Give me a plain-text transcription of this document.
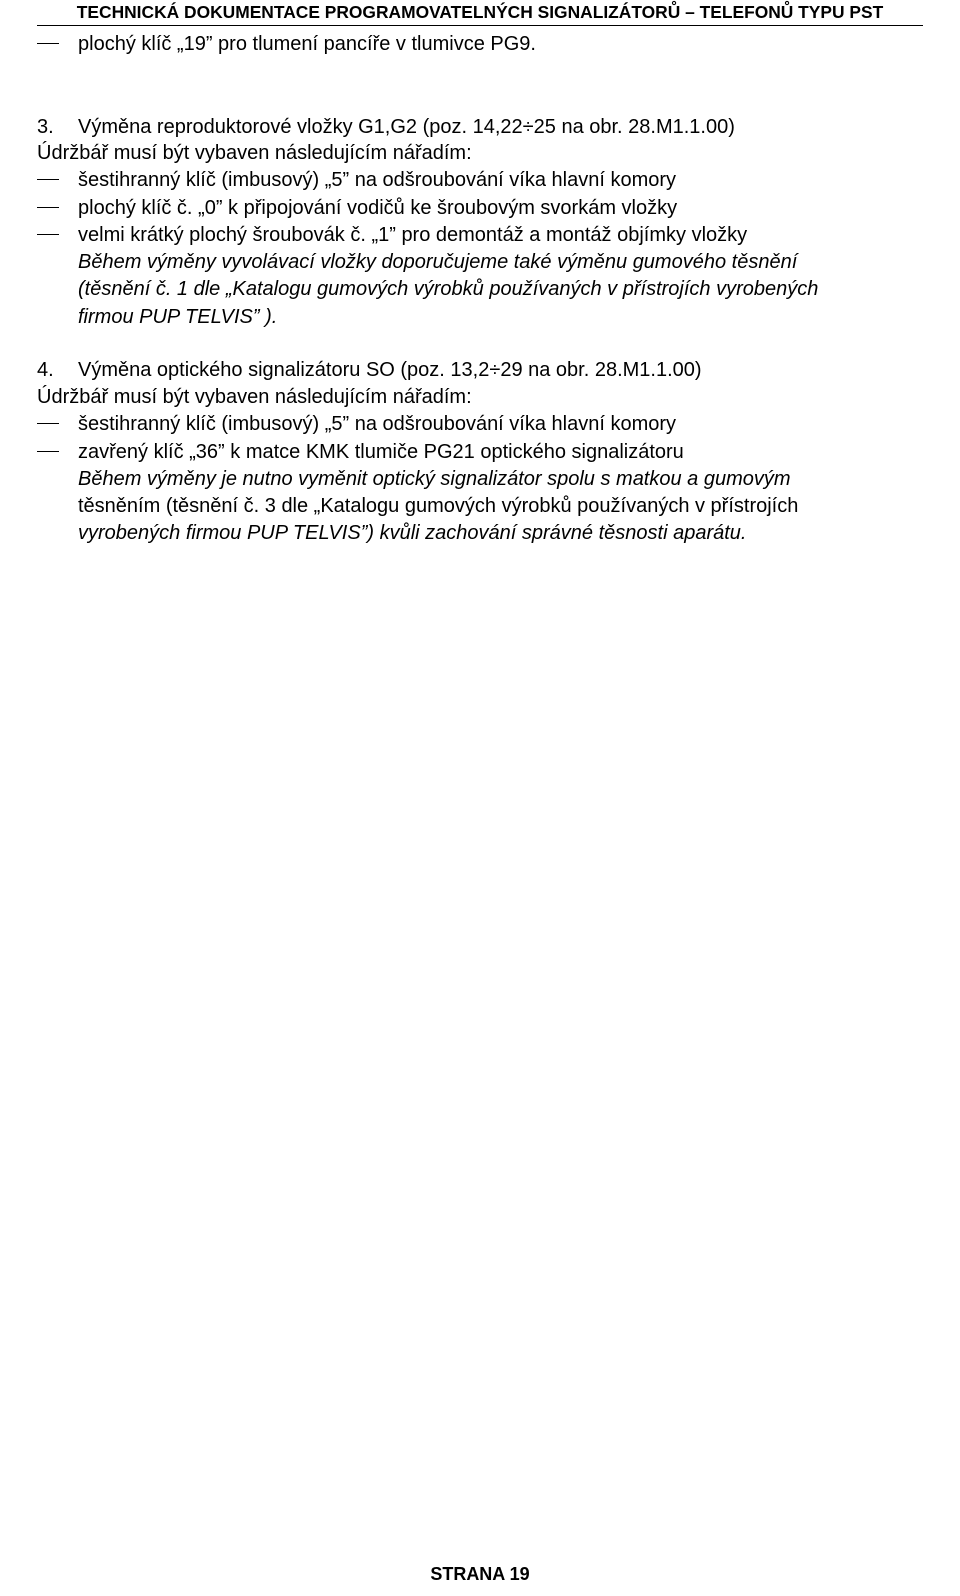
TECHNICKÁ DOKUMENTACE PROGRAMOVATELNÝCH SIGNALIZÁTORŮ – TELEFONŮ TYPU PST
plochý klíč „19” pro tlumení pancíře v tlumivce PG9.
3. Výměna reproduktorové vložky G1,G2 (poz. 14,22÷25 na obr. 28.M1.1.00)
Údržbář musí být vybaven následujícím nářadím:
šestihranný klíč (imbusový) „5” na odšroubování víka hlavní komory
plochý klíč č. „0” k připojování vodičů ke šroubovým svorkám vložky
velmi krátký plochý šroubovák č. „1” pro demontáž a montáž objímky vložky
Během výměny vyvolávací vložky doporučujeme také výměnu gumového těsnění
(těsnění č. 1 dle „Katalogu gumových výrobků používaných v přístrojích vyrobených
firmou PUP TELVIS” ).
4. Výměna optického signalizátoru SO (poz. 13,2÷29 na obr. 28.M1.1.00)
Údržbář musí být vybaven následujícím nářadím:
šestihranný klíč (imbusový) „5” na odšroubování víka hlavní komory
zavřený klíč „36” k matce KMK tlumiče PG21 optického signalizátoru
Během výměny je nutno vyměnit optický signalizátor spolu s matkou a gumovým
těsněním (těsnění č. 3 dle „Katalogu gumových výrobků používaných v přístrojích
vyrobených firmou PUP TELVIS”) kvůli zachování správné těsnosti aparátu.
STRANA 19
